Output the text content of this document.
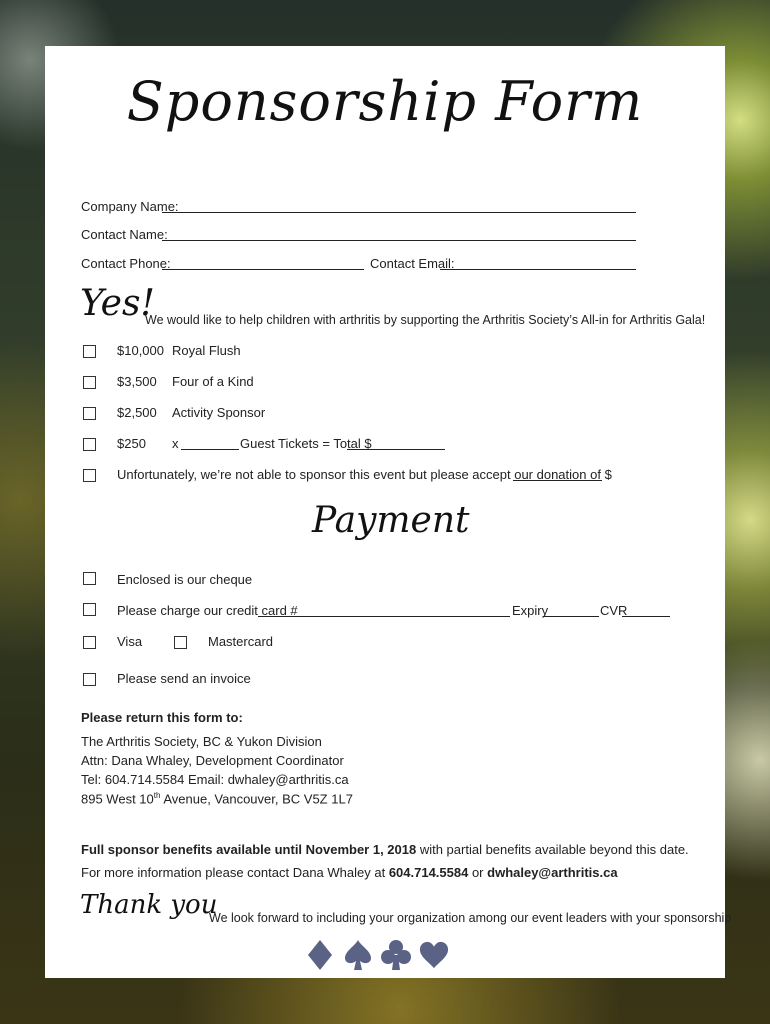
Sponsorship Form
Company Name:
Contact Name:
Contact Phone:	Contact Email:
Yes!
We would like to help children with arthritis by supporting the Arthritis Society’s All-in for Arthritis Gala!
$10,000 Royal Flush
$3,500 Four of a Kind
$2,500 Activity Sponsor
$250 x	Guest Tickets = Total $
Unfortunately, we’re not able to sponsor this event but please accept our donation of $
Payment
Enclosed is our cheque
Please charge our credit card #	Expiry	CVR
Visa	Mastercard
Please send an invoice
Please return this form to:
The Arthritis Society, BC & Yukon Division
Attn: Dana Whaley, Development Coordinator
Tel: 604.714.5584 Email: dwhaley@arthritis.ca
895 West 10th Avenue, Vancouver, BC V5Z 1L7
Full sponsor benefits available until November 1, 2018 with partial benefits available beyond this date.
For more information please contact Dana Whaley at 604.714.5584 or dwhaley@arthritis.ca
Thank you
We look forward to including your organization among our event leaders with your sponsorship
